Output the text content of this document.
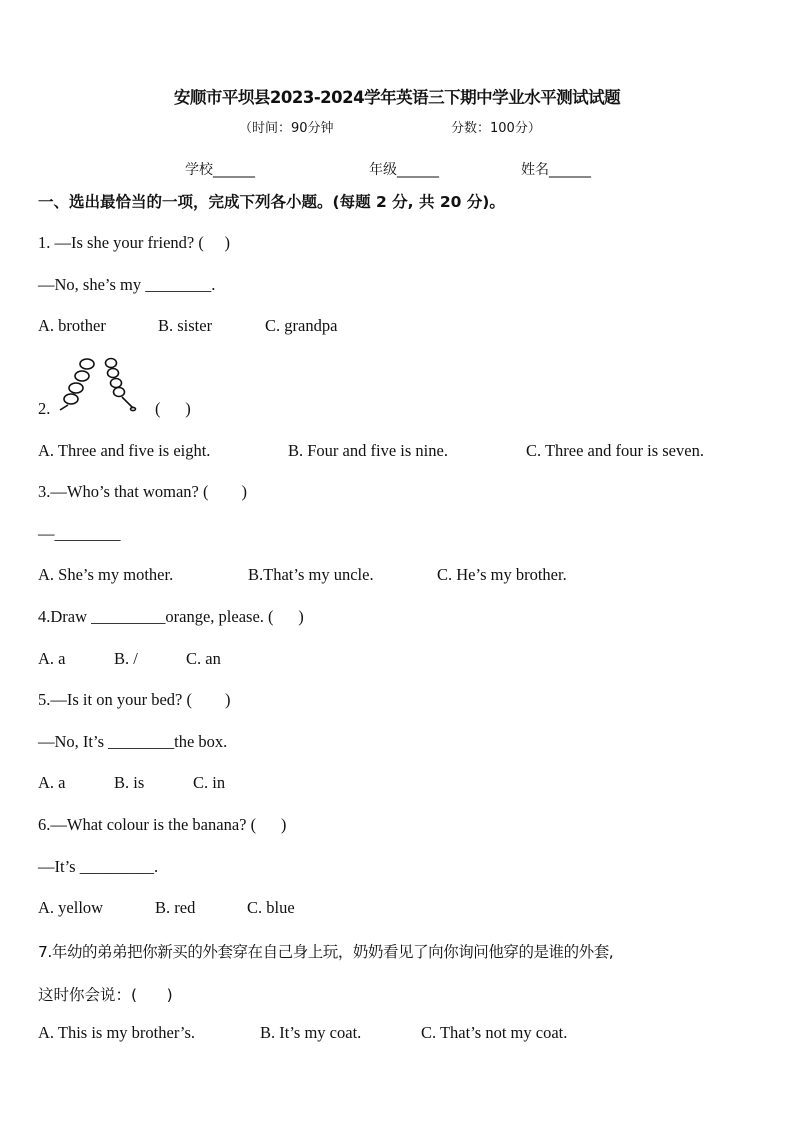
安顺市平坝县2023-2024学年英语三下期中学业水平测试试题
（时间：90分钟	分数：100分）
学校______	年级______	姓名______
一、选出最恰当的一项，完成下列各小题。(每题 2 分, 共 20 分)。
1. —Is she your friend? (     )
—No, she’s my ________.
A. brother	B. sister	C. grandpa
2.	(      )
A. Three and five is eight.	B. Four and five is nine.	C. Three and four is seven.
3.—Who’s that woman? (        )
—________
A. She’s my mother.	B.That’s my uncle.	C. He’s my brother.
4.Draw _________orange, please. (      )
A. a	B. /	C. an
5.—Is it on your bed? (        )
—No, It’s ________the box.
A. a	B. is	C. in
6.—What colour is the banana? (      )
—It’s _________.
A. yellow	B. red	C. blue
7.年幼的弟弟把你新买的外套穿在自己身上玩，奶奶看见了向你询问他穿的是谁的外套,
这时你会说：(      )
A. This is my brother’s.	B. It’s my coat.	C. That’s not my coat.
